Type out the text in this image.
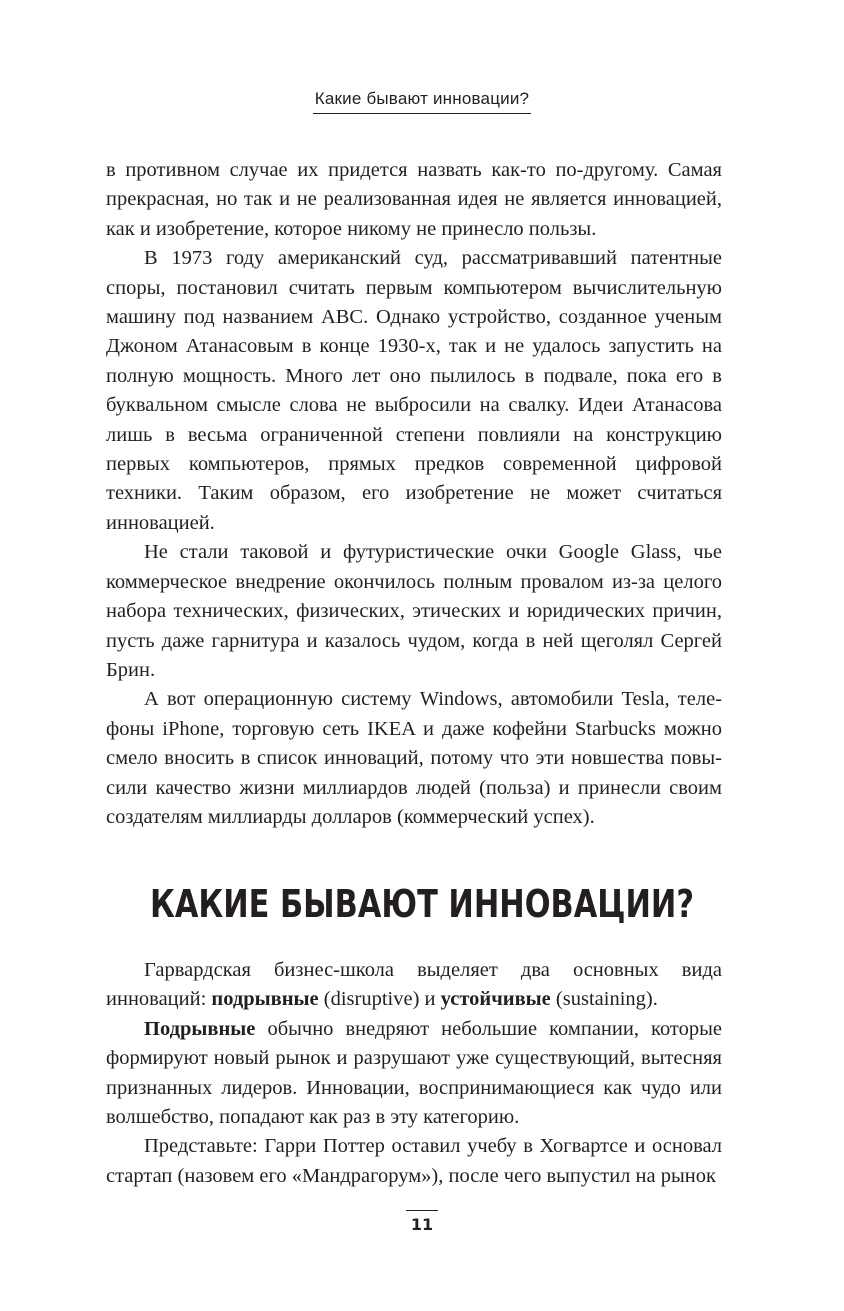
Какие бывают инновации?

в противном случае их придется назвать как-то по-другому. Самая прекрасная, но так и не реализованная идея не является инновацией, как и изобретение, которое никому не принесло пользы.

В 1973 году американский суд, рассматривавший патентные споры, постановил считать первым компьютером вычислительную машину под названием ABC. Однако устройство, созданное ученым Джоном Атанасовым в конце 1930-х, так и не удалось запустить на полную мощность. Много лет оно пылилось в подвале, пока его в буквальном смысле слова не выбросили на свалку. Идеи Атанасова лишь в весьма ограниченной степени повлияли на конструкцию первых компьютеров, прямых предков современной цифровой техники. Таким образом, его изобретение не может считаться инновацией.

Не стали таковой и футуристические очки Google Glass, чье коммерческое внедрение окончилось полным провалом из-за целого набора технических, физических, этических и юридических причин, пусть даже гарнитура и казалось чудом, когда в ней щеголял Сергей Брин.

А вот операционную систему Windows, автомобили Tesla, телефоны iPhone, торговую сеть IKEA и даже кофейни Starbucks можно смело вносить в список инноваций, потому что эти новшества повысили качество жизни миллиардов людей (польза) и принесли своим создателям миллиарды долларов (коммерческий успех).

КАКИЕ БЫВАЮТ ИННОВАЦИИ?

Гарвардская бизнес-школа выделяет два основных вида инноваций: подрывные (disruptive) и устойчивые (sustaining).

Подрывные обычно внедряют небольшие компании, которые формируют новый рынок и разрушают уже существующий, вытесняя признанных лидеров. Инновации, воспринимающиеся как чудо или волшебство, попадают как раз в эту категорию.

Представьте: Гарри Поттер оставил учебу в Хогвартсе и основал стартап (назовем его «Мандрагорум»), после чего выпустил на рынок

11
